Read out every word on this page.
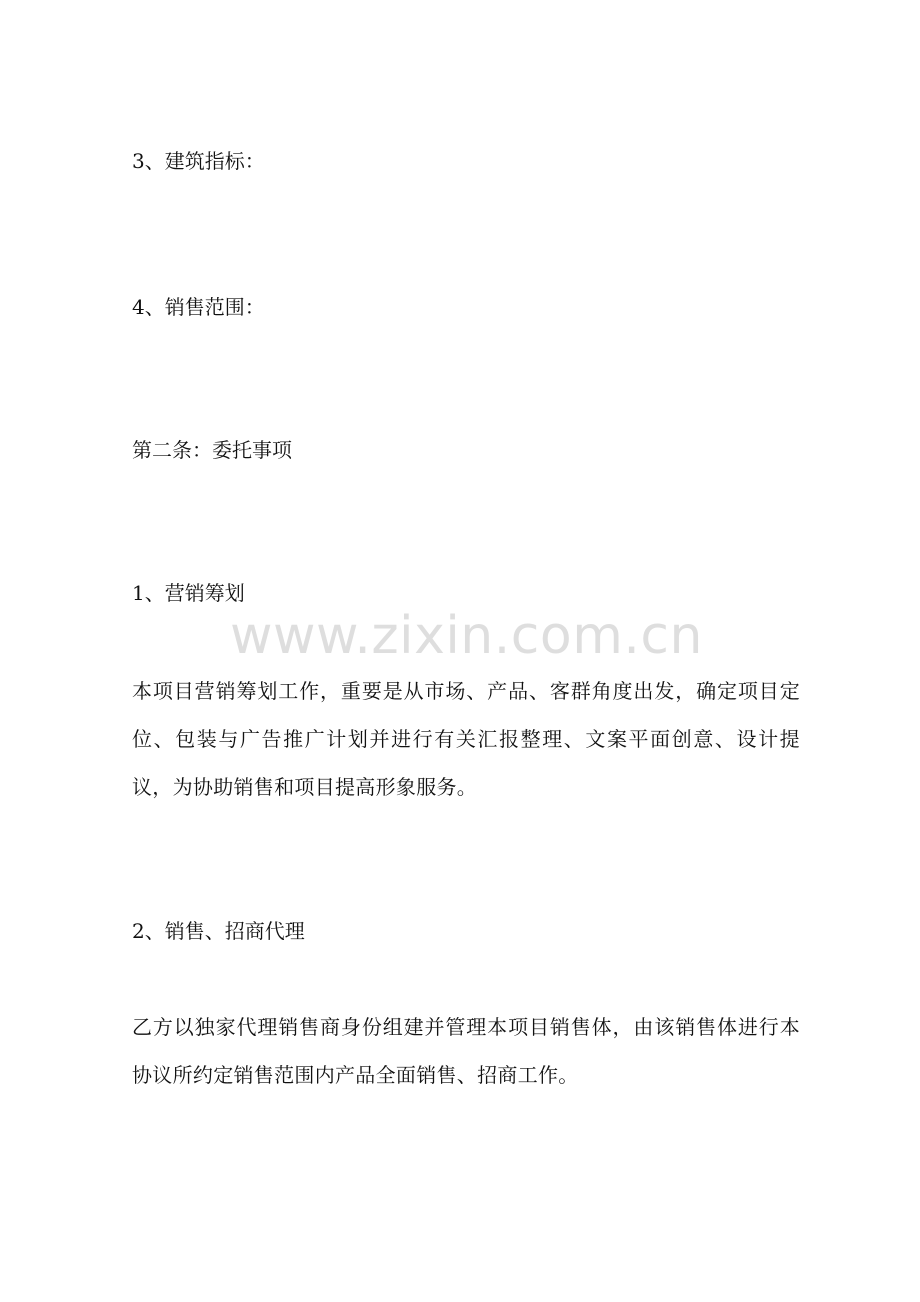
3、建筑指标：

4、销售范围：

第二条：委托事项

1、营销筹划

www.zixin.com.cn

本项目营销筹划工作，重要是从市场、产品、客群角度出发，确定项目定位、包装与广告推广计划并进行有关汇报整理、文案平面创意、设计提议，为协助销售和项目提高形象服务。

2、销售、招商代理

乙方以独家代理销售商身份组建并管理本项目销售体，由该销售体进行本协议所约定销售范围内产品全面销售、招商工作。
